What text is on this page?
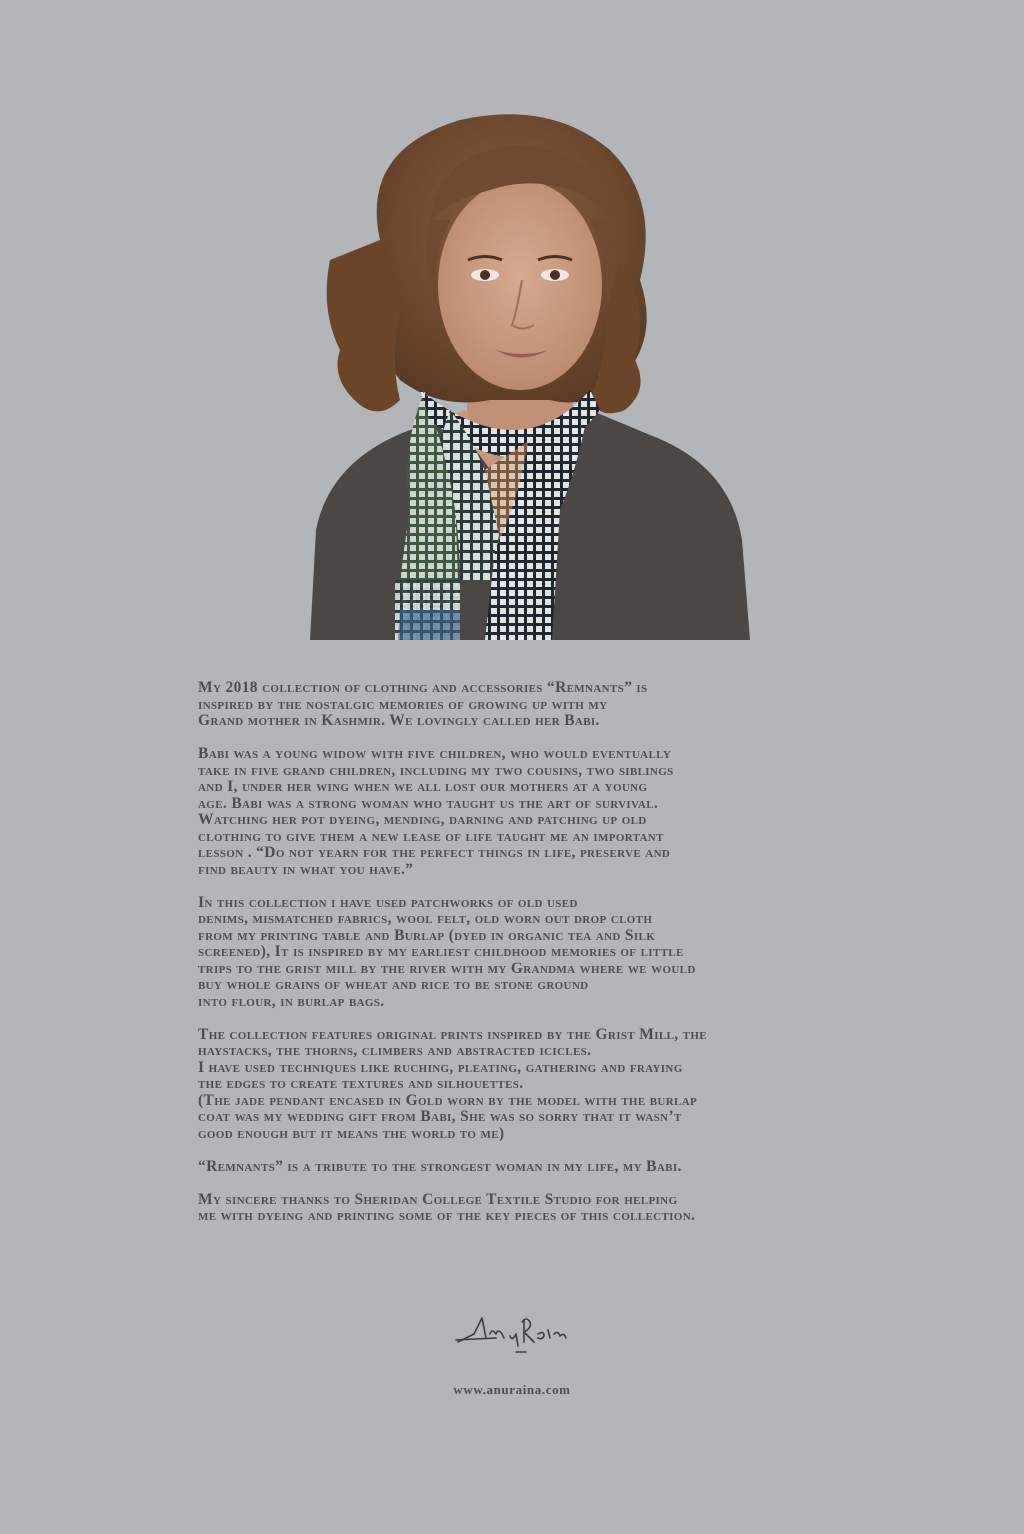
My 2018 collection of clothing and accessories “Remnants” is
inspired by the nostalgic memories of growing up with my
Grand mother in Kashmir. We lovingly called her Babi.

Babi was a young widow with five children, who would eventually
take in five grand children, including my two cousins, two siblings
and I, under her wing when we all lost our mothers at a young
age. Babi was a strong woman who taught us the art of survival.
Watching her pot dyeing, mending, darning and patching up old
clothing to give them a new lease of life taught me an important
lesson . “Do not yearn for the perfect things in life, preserve and
find beauty in what you have.”

In this collection i have used patchworks of old used
denims, mismatched fabrics, wool felt, old worn out drop cloth
from my printing table and Burlap (dyed in organic tea and Silk
screened), It is inspired by my earliest childhood memories of little
trips to the grist mill by the river with my Grandma where we would
buy whole grains of wheat and rice to be stone ground
into flour, in burlap bags.

The collection features original prints inspired by the Grist Mill, the
haystacks, the thorns, climbers and abstracted icicles.
I have used techniques like ruching, pleating, gathering and fraying
the edges to create textures and silhouettes.
(The jade pendant encased in Gold worn by the model with the burlap
coat was my wedding gift from Babi, She was so sorry that it wasn’t
good enough but it means the world to me)

“Remnants” is a tribute to the strongest woman in my life, my Babi.

My sincere thanks to Sheridan College Textile Studio for helping
me with dyeing and printing some of the key pieces of this collection.

www.anuraina.com
